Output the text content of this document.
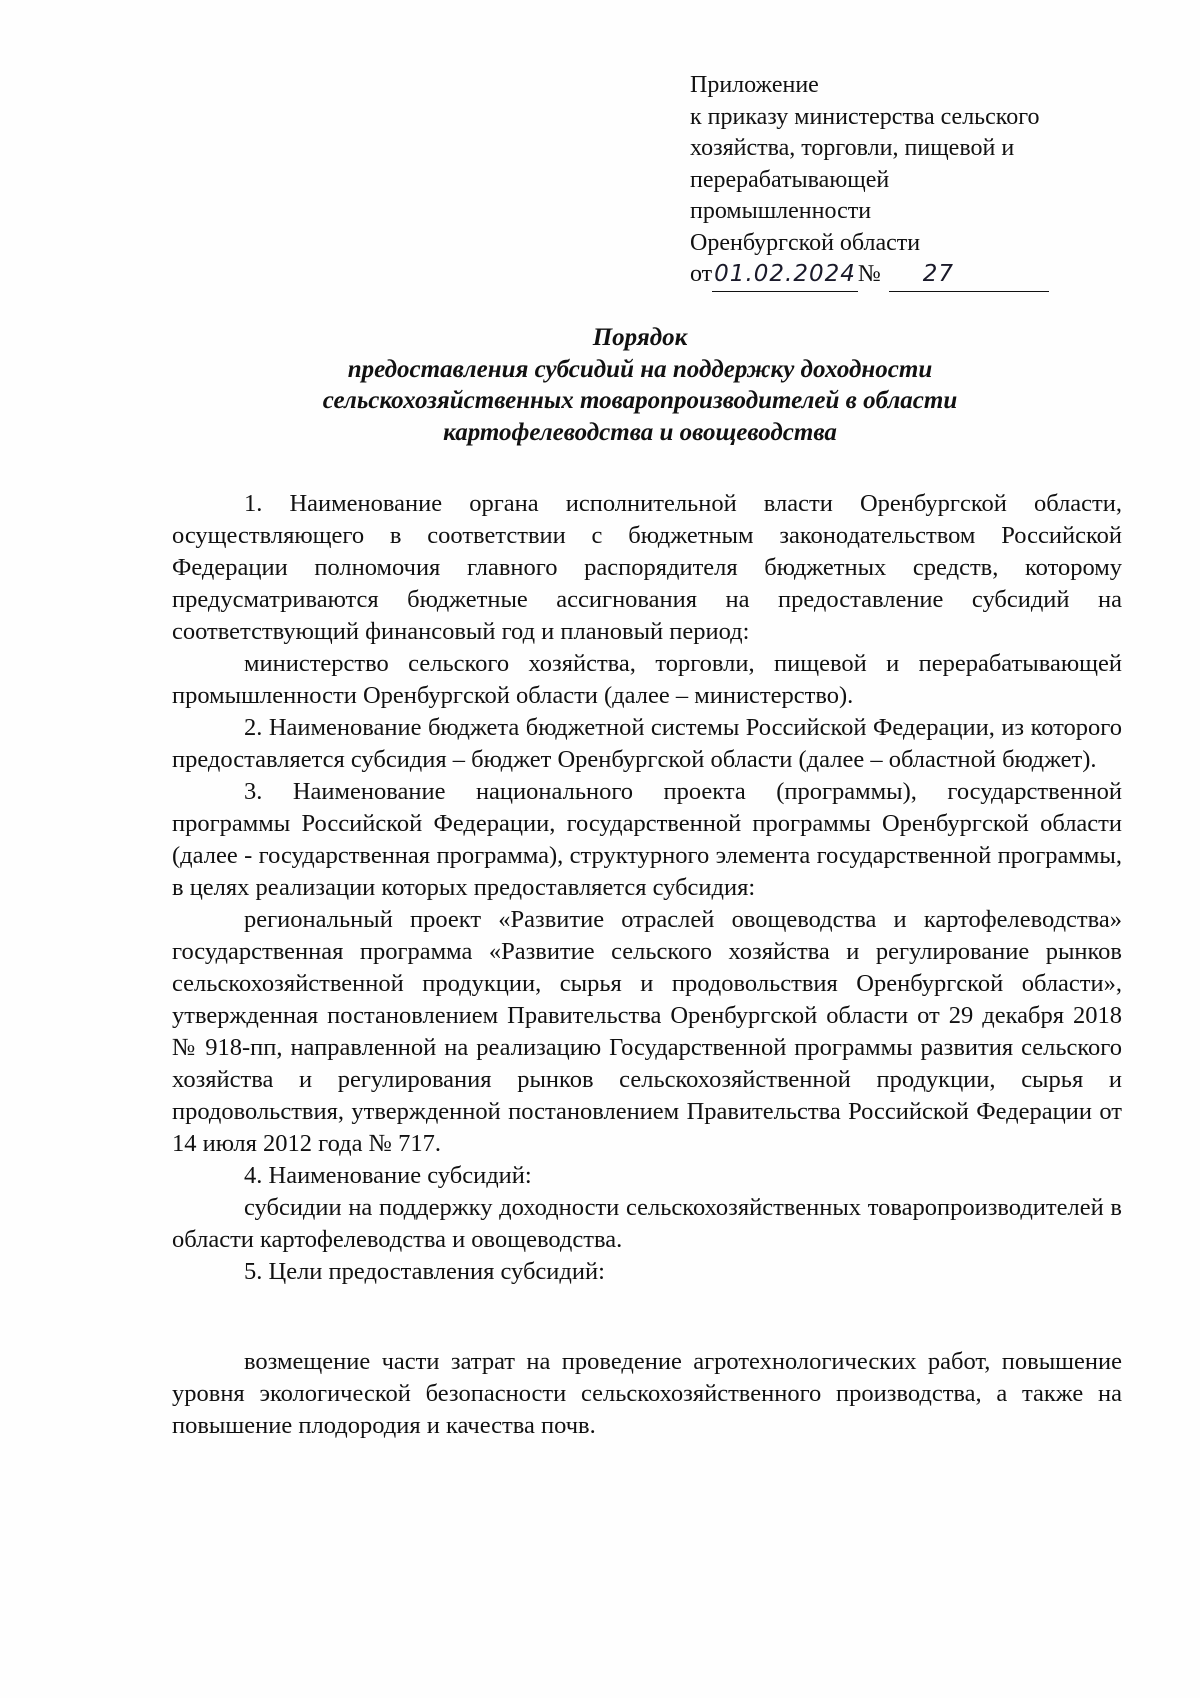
Приложение
к приказу министерства сельского
хозяйства, торговли, пищевой и
перерабатывающей
промышленности
Оренбургской области
от 01.02.2024 №	27
Порядок
предоставления субсидий на поддержку доходности
сельскохозяйственных товаропроизводителей в области
картофелеводства и овощеводства

1. Наименование органа исполнительной власти Оренбургской области, осуществляющего в соответствии с бюджетным законодательством Российской Федерации полномочия главного распорядителя бюджетных средств, которому предусматриваются бюджетные ассигнования на предоставление субсидий на соответствующий финансовый год и плановый период:

министерство сельского хозяйства, торговли, пищевой и перерабатывающей промышленности Оренбургской области (далее – министерство).

2. Наименование бюджета бюджетной системы Российской Федерации, из которого предоставляется субсидия – бюджет Оренбургской области (далее – областной бюджет).

3. Наименование национального проекта (программы), государственной программы Российской Федерации, государственной программы Оренбургской области (далее - государственная программа), структурного элемента государственной программы, в целях реализации которых предоставляется субсидия:

региональный проект «Развитие отраслей овощеводства и картофелеводства» государственная программа «Развитие сельского хозяйства и регулирование рынков сельскохозяйственной продукции, сырья и продовольствия Оренбургской области», утвержденная постановлением Правительства Оренбургской области от 29 декабря 2018 № 918-пп, направленной на реализацию Государственной программы развития сельского хозяйства и регулирования рынков сельскохозяйственной продукции, сырья и продовольствия, утвержденной постановлением Правительства Российской Федерации от 14 июля 2012 года № 717.

4. Наименование субсидий:

субсидии на поддержку доходности сельскохозяйственных товаропроизводителей в области картофелеводства и овощеводства.

5. Цели предоставления субсидий:

возмещение части затрат на проведение агротехнологических работ, повышение уровня экологической безопасности сельскохозяйственного производства, а также на повышение плодородия и качества почв.
